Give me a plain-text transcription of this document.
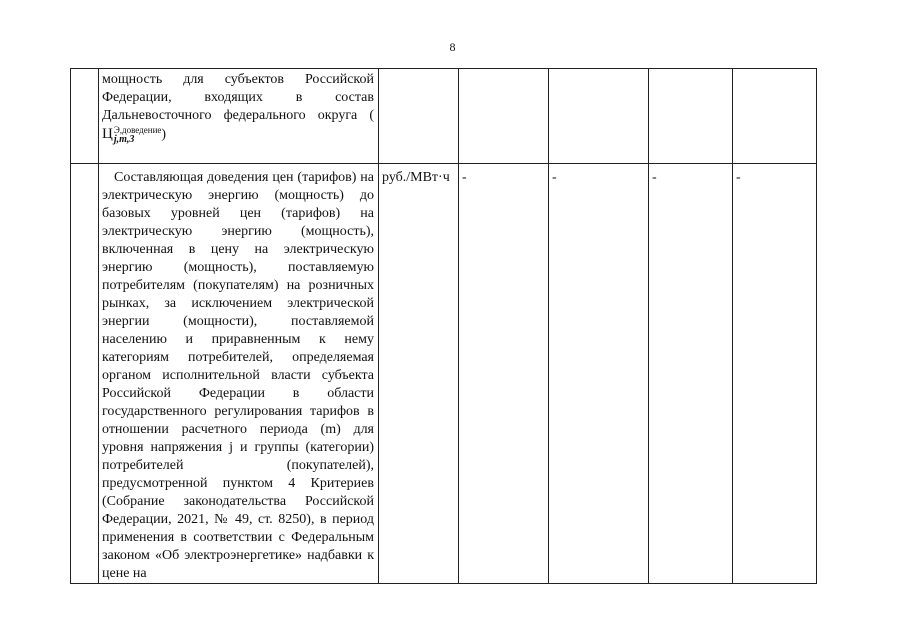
8

	мощность для субъектов Российской Федерации, входящих в состав Дальневосточного федерального округа (Ц Э,доведение
j,m,3 )					

	Составляющая доведения цен (тарифов) на электрическую энергию (мощность) до базовых уровней цен (тарифов) на электрическую энергию (мощность), включенная в цену на электрическую энергию (мощность), поставляемую потребителям (покупателям) на розничных рынках, за исключением электрической энергии (мощности), поставляемой населению и приравненным к нему категориям потребителей, определяемая органом исполнительной власти субъекта Российской Федерации в области государственного регулирования тарифов в отношении расчетного периода (m) для уровня напряжения j и группы (категории) потребителей (покупателей), предусмотренной пунктом 4 Критериев (Собрание законодательства Российской Федерации, 2021, № 49, ст. 8250), в период применения в соответствии с Федеральным законом «Об электроэнергетике» надбавки к цене на	руб./МВт·ч	-	-	-	-
